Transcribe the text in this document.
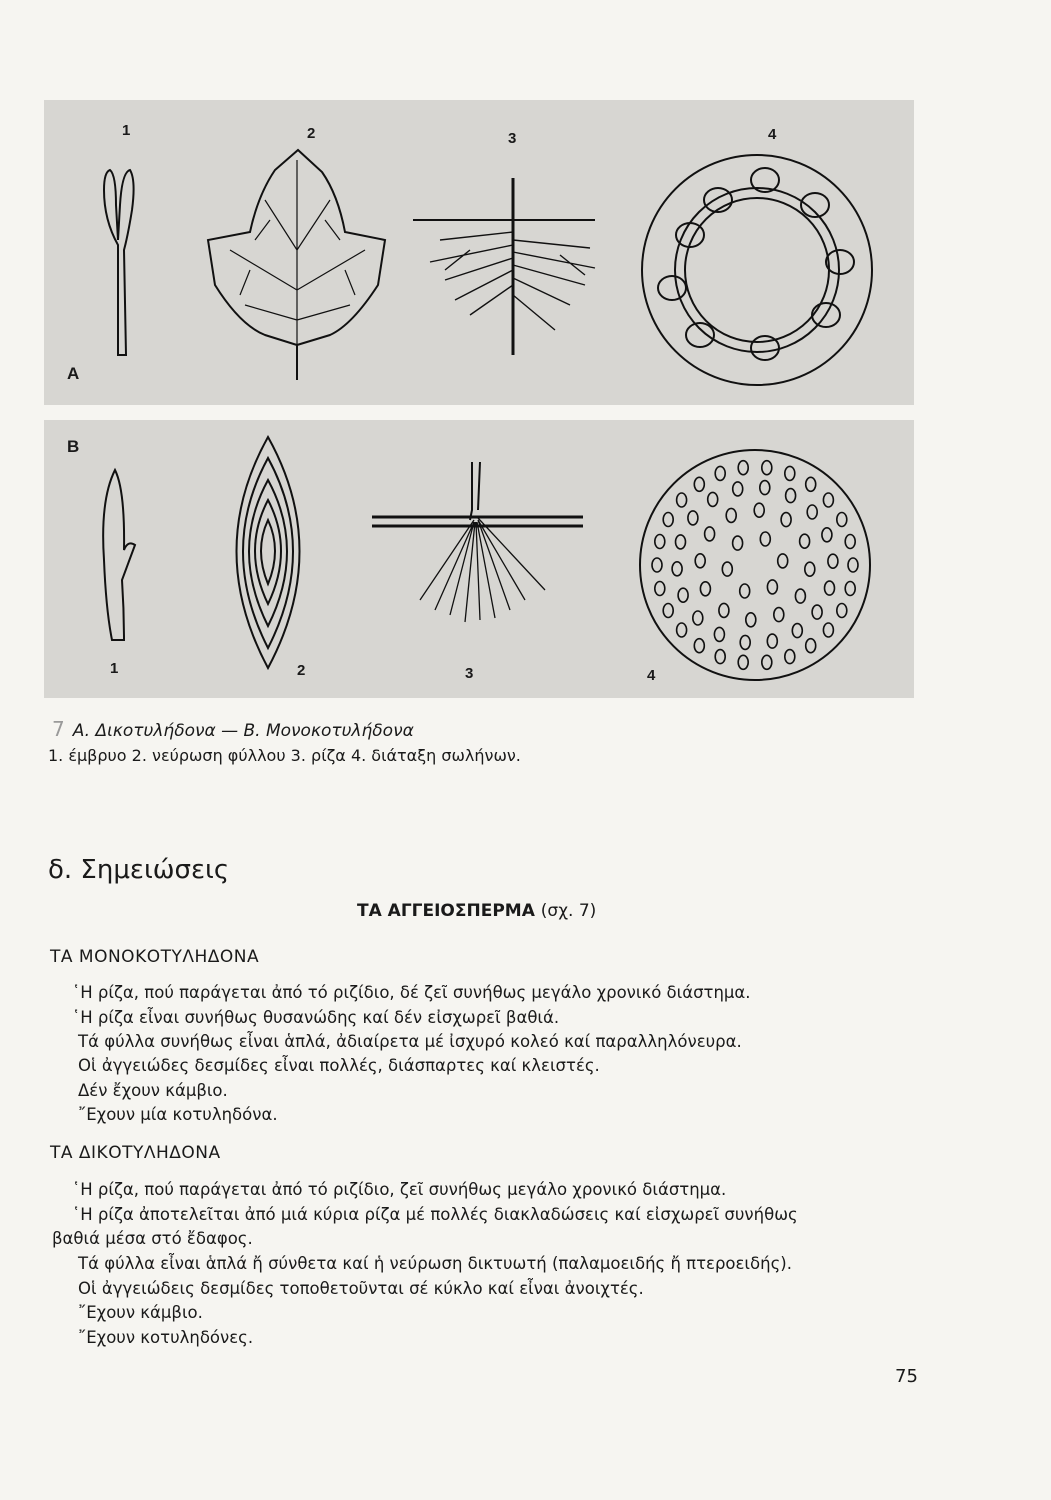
1	2	3	4
A
B
1	2	3	4
7 A. Δικοτυλήδονα — B. Μονοκοτυλήδονα
1. έμβρυο 2. νεύρωση φύλλου 3. ρίζα 4. διάταξη σωλήνων.
δ. Σημειώσεις
ΤΑ ΑΓΓΕΙΟΣΠΕΡΜΑ (σχ. 7)
ΤΑ ΜΟΝΟΚΟΤΥΛΗΔΟΝΑ
῾Η ρίζα, πού παράγεται ἀπό τό ριζίδιο, δέ ζεῖ συνήθως μεγάλο χρονικό διάστημα.
῾Η ρίζα εἶναι συνήθως θυσανώδης καί δέν εἰσχωρεῖ βαθιά.
Τά φύλλα συνήθως εἶναι ἁπλά, ἀδιαίρετα μέ ἰσχυρό κολεό καί παραλληλόνευρα.
Οἱ ἀγγειώδες δεσμίδες εἶναι πολλές, διάσπαρτες καί κλειστές.
Δέν ἔχουν κάμβιο.
῎Εχουν μία κοτυληδόνα.
ΤΑ ΔΙΚΟΤΥΛΗΔΟΝΑ
῾Η ρίζα, πού παράγεται ἀπό τό ριζίδιο, ζεῖ συνήθως μεγάλο χρονικό διάστημα.
῾Η ρίζα ἀποτελεῖται ἀπό μιά κύρια ρίζα μέ πολλές διακλαδώσεις καί εἰσχωρεῖ συνήθως
βαθιά μέσα στό ἔδαφος.
Τά φύλλα εἶναι ἁπλά ἤ σύνθετα καί ἡ νεύρωση δικτυωτή (παλαμοειδής ἤ πτεροειδής).
Οἱ ἀγγειώδεις δεσμίδες τοποθετοῦνται σέ κύκλο καί εἶναι ἀνοιχτές.
῎Εχουν κάμβιο.
῎Εχουν κοτυληδόνες.
75
